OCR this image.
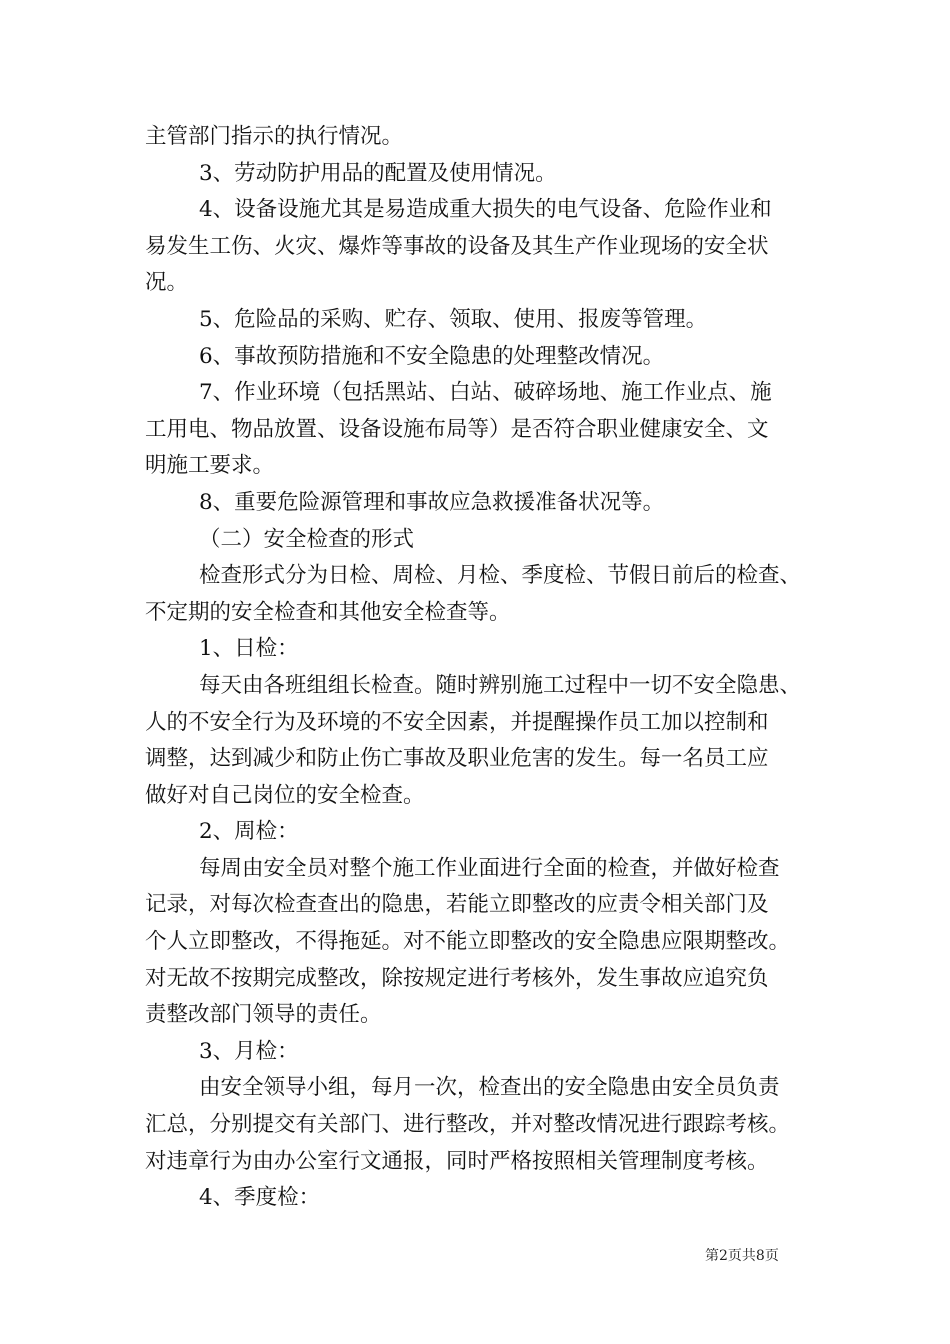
主管部门指示的执行情况。
3、劳动防护用品的配置及使用情况。
4、设备设施尤其是易造成重大损失的电气设备、危险作业和
易发生工伤、火灾、爆炸等事故的设备及其生产作业现场的安全状
况。
5、危险品的采购、贮存、领取、使用、报废等管理。
6、事故预防措施和不安全隐患的处理整改情况。
7、作业环境（包括黑站、白站、破碎场地、施工作业点、施
工用电、物品放置、设备设施布局等）是否符合职业健康安全、文
明施工要求。
8、重要危险源管理和事故应急救援准备状况等。
（二）安全检查的形式
检查形式分为日检、周检、月检、季度检、节假日前后的检查、
不定期的安全检查和其他安全检查等。
1、日检：
每天由各班组组长检查。随时辨别施工过程中一切不安全隐患、
人的不安全行为及环境的不安全因素，并提醒操作员工加以控制和
调整，达到减少和防止伤亡事故及职业危害的发生。每一名员工应
做好对自己岗位的安全检查。
2、周检：
每周由安全员对整个施工作业面进行全面的检查，并做好检查
记录，对每次检查查出的隐患，若能立即整改的应责令相关部门及
个人立即整改，不得拖延。对不能立即整改的安全隐患应限期整改。
对无故不按期完成整改，除按规定进行考核外，发生事故应追究负
责整改部门领导的责任。
3、月检：
由安全领导小组，每月一次，检查出的安全隐患由安全员负责
汇总，分别提交有关部门、进行整改，并对整改情况进行跟踪考核。
对违章行为由办公室行文通报，同时严格按照相关管理制度考核。
4、季度检：
第2页共8页
